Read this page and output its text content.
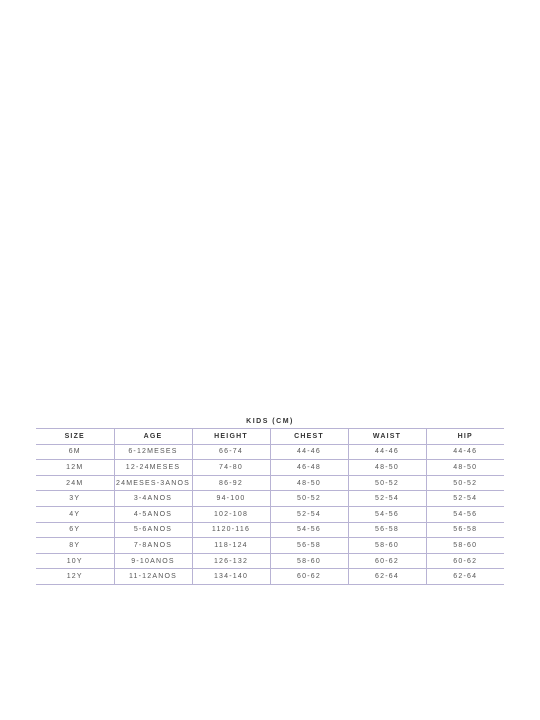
KIDS (CM)
SIZE	AGE	HEIGHT	CHEST	WAIST	HIP
6M	6-12MESES	66-74	44-46	44-46	44-46
12M	12-24MESES	74-80	46-48	48-50	48-50
24M	24MESES-3ANOS	86-92	48-50	50-52	50-52
3Y	3-4ANOS	94-100	50-52	52-54	52-54
4Y	4-5ANOS	102-108	52-54	54-56	54-56
6Y	5-6ANOS	1120-116	54-56	56-58	56-58
8Y	7-8ANOS	118-124	56-58	58-60	58-60
10Y	9-10ANOS	126-132	58-60	60-62	60-62
12Y	11-12ANOS	134-140	60-62	62-64	62-64
